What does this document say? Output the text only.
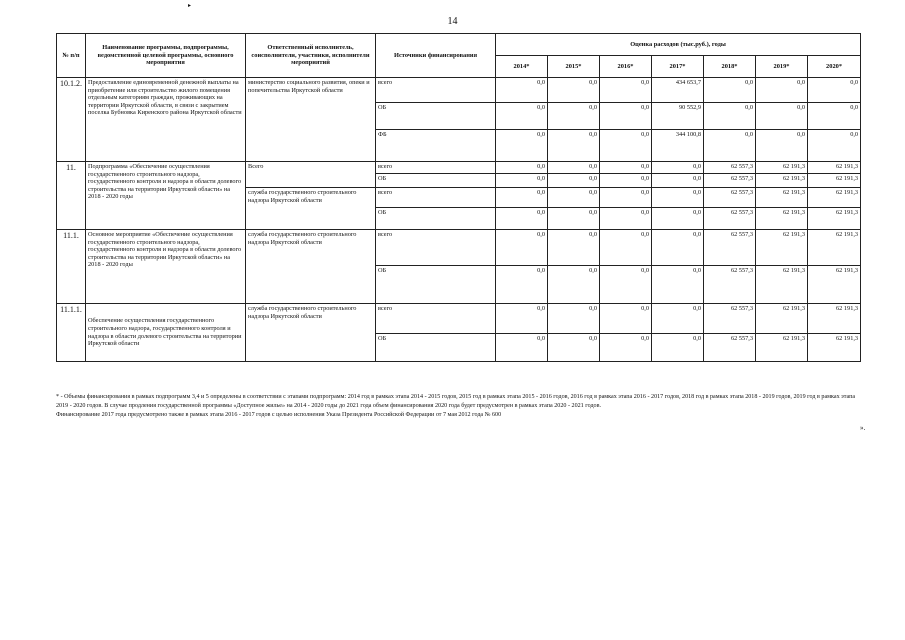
▸
14
№ п/п	Наименование программы, подпрограммы, ведомственной целевой программы, основного мероприятия	Ответственный исполнитель, соисполнители, участники, исполнители мероприятий	Источники финансирования	Оценка расходов (тыс.руб.), годы						
				2014*	2015*	2016*	2017*	2018*	2019*	2020*
10.1.2.	Предоставление единовременной денежной выплаты на приобретение или строительство жилого помещения отдельным категориям граждан, проживающих на территории Иркутской области, в связи с закрытием поселка Бубновка Киренского района Иркутской области	министерство социального развития, опеки и попечительства Иркутской области	всего	0,0	0,0	0,0	434 653,7	0,0	0,0	0,0
			ОБ	0,0	0,0	0,0	90 552,9	0,0	0,0	0,0
			ФБ	0,0	0,0	0,0	344 100,8	0,0	0,0	0,0
11.	Подпрограмма «Обеспечение осуществления государственного строительного надзора, государственного контроля и надзора в области долевого строительства на территории Иркутской области» на 2018 - 2020 годы	Всего	всего	0,0	0,0	0,0	0,0	62 557,3	62 191,3	62 191,3
			ОБ	0,0	0,0	0,0	0,0	62 557,3	62 191,3	62 191,3
		служба государственного строительного надзора Иркутской области	всего	0,0	0,0	0,0	0,0	62 557,3	62 191,3	62 191,3
			ОБ	0,0	0,0	0,0	0,0	62 557,3	62 191,3	62 191,3
11.1.	Основное мероприятие «Обеспечение осуществления государственного строительного надзора, государственного контроля и надзора в области долевого строительства на территории Иркутской области» на 2018 - 2020 годы	служба государственного строительного надзора Иркутской области	всего	0,0	0,0	0,0	0,0	62 557,3	62 191,3	62 191,3
			ОБ	0,0	0,0	0,0	0,0	62 557,3	62 191,3	62 191,3
11.1.1.	Обеспечение осуществления государственного строительного надзора, государственного контроля и надзора в области долевого строительства на территории Иркутской области	служба государственного строительного надзора Иркутской области	всего	0,0	0,0	0,0	0,0	62 557,3	62 191,3	62 191,3
			ОБ	0,0	0,0	0,0	0,0	62 557,3	62 191,3	62 191,3

* - Объемы финансирования в рамках подпрограмм 3,4 и 5 определены в соответствии с этапами подпрограмм: 2014 год в рамках этапа 2014 - 2015 годов, 2015 год в рамках этапа 2015 - 2016 годов, 2016 год в рамках этапа 2016 - 2017 годов, 2018 год в рамках этапа 2018 - 2019 годов, 2019 год в рамках этапа 2019 - 2020 годов. В случае продления государственной программы «Доступное жилье» на 2014 - 2020 годы до 2021 года объем финансирования 2020 года будет предусмотрен в рамках этапа 2020 - 2021 годов.

Финансирование 2017 года предусмотрено также в рамках этапа 2016 - 2017 годов с целью исполнения Указа Президента Российской Федерации от 7 мая 2012 года № 600

».
